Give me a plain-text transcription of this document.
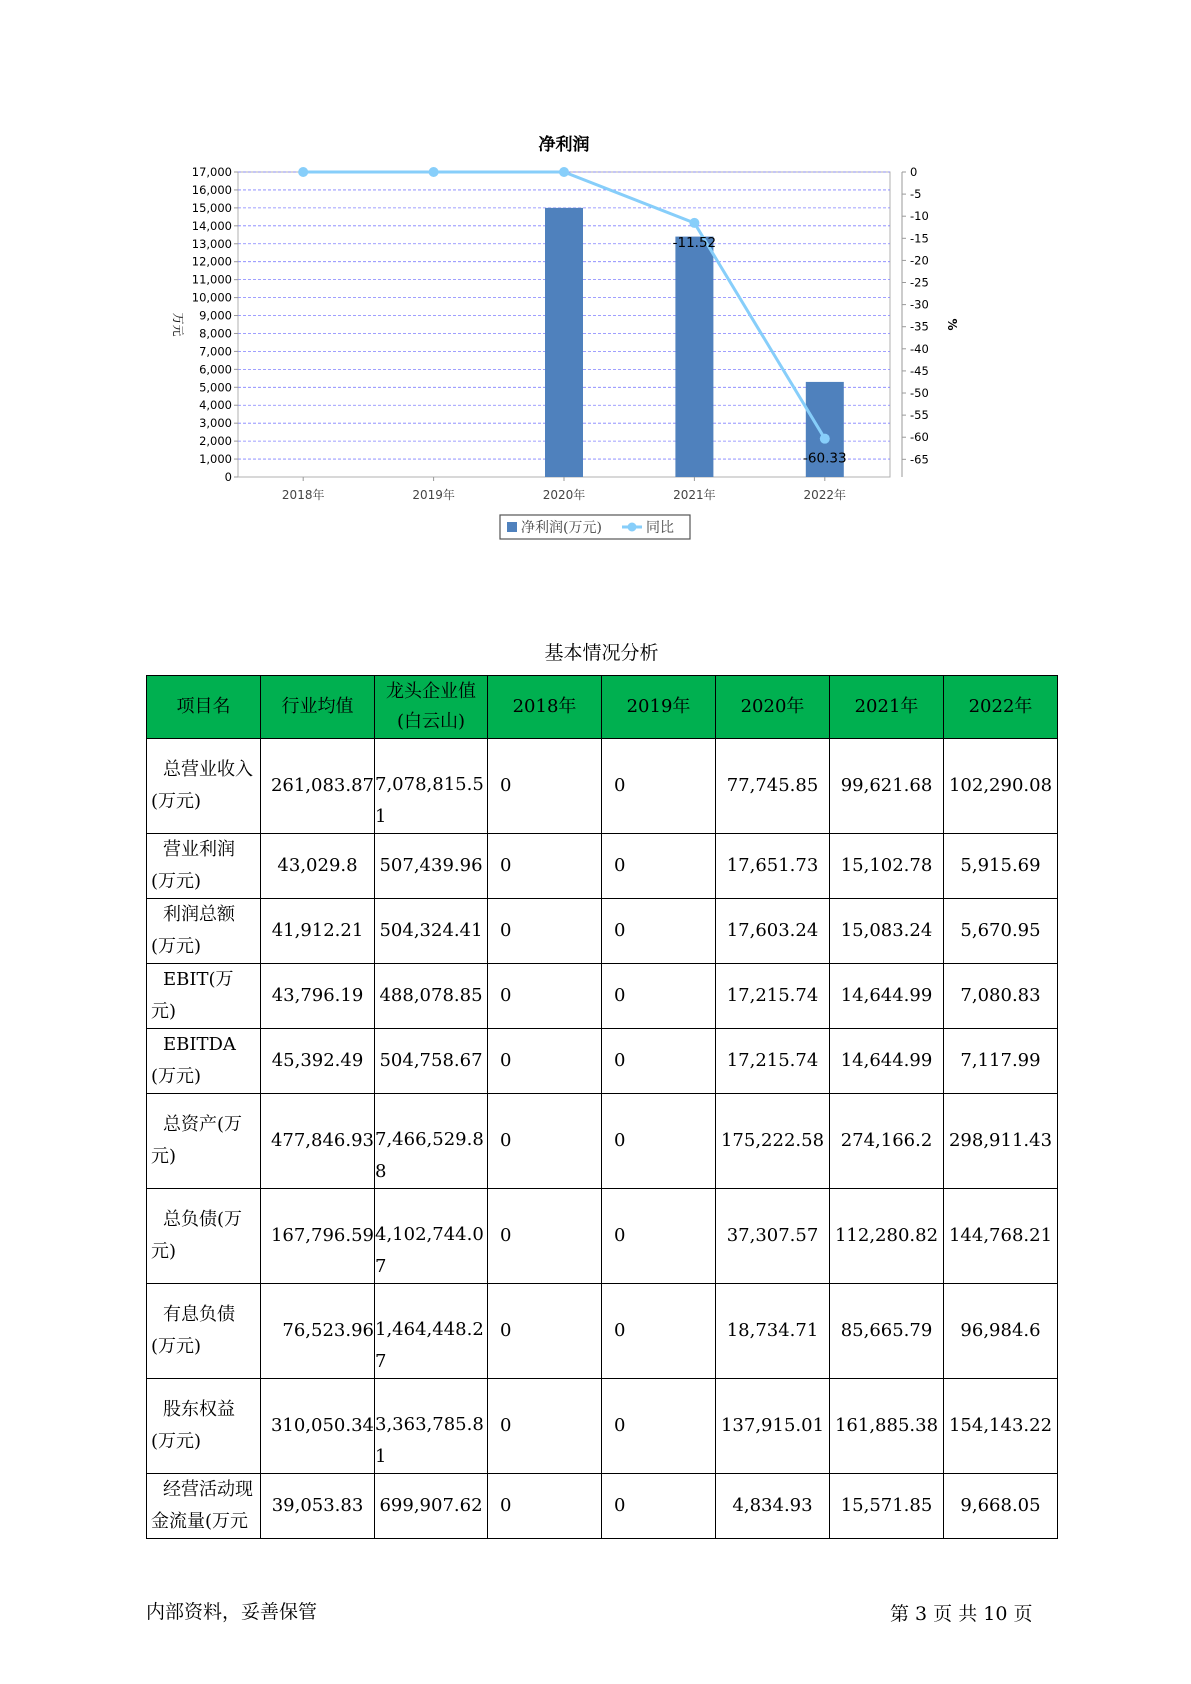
净利润
0
1,000
2,000
3,000
4,000
5,000
6,000
7,000
8,000
9,000
10,000
11,000
12,000
13,000
14,000
15,000
16,000
17,000	0
-5
-10
-15
-20
-25
-30
-35
-40
-45
-50
-55
-60
-65
万元	%
2018年	2019年	2020年	2021年	2022年
-11.52
-60.33
净利润(万元)	同比
基本情况分析
项目名	行业均值	龙头企业值(白云山)	2018年	2019年	2020年	2021年	2022年
总营业收入(万元)	261,083.87	7,078,815.51	0	0	77,745.85	99,621.68	102,290.08
营业利润(万元)	43,029.8	507,439.96	0	0	17,651.73	15,102.78	5,915.69
利润总额(万元)	41,912.21	504,324.41	0	0	17,603.24	15,083.24	5,670.95
EBIT(万元)	43,796.19	488,078.85	0	0	17,215.74	14,644.99	7,080.83
EBITDA(万元)	45,392.49	504,758.67	0	0	17,215.74	14,644.99	7,117.99
总资产(万元)	477,846.93	7,466,529.88	0	0	175,222.58	274,166.2	298,911.43
总负债(万元)	167,796.59	4,102,744.07	0	0	37,307.57	112,280.82	144,768.21
有息负债(万元)	76,523.96	1,464,448.27	0	0	18,734.71	85,665.79	96,984.6
股东权益(万元)	310,050.34	3,363,785.81	0	0	137,915.01	161,885.38	154,143.22
经营活动现金流量(万元	39,053.83	699,907.62	0	0	4,834.93	15,571.85	9,668.05
内部资料，妥善保管	第 3 页 共 10 页
